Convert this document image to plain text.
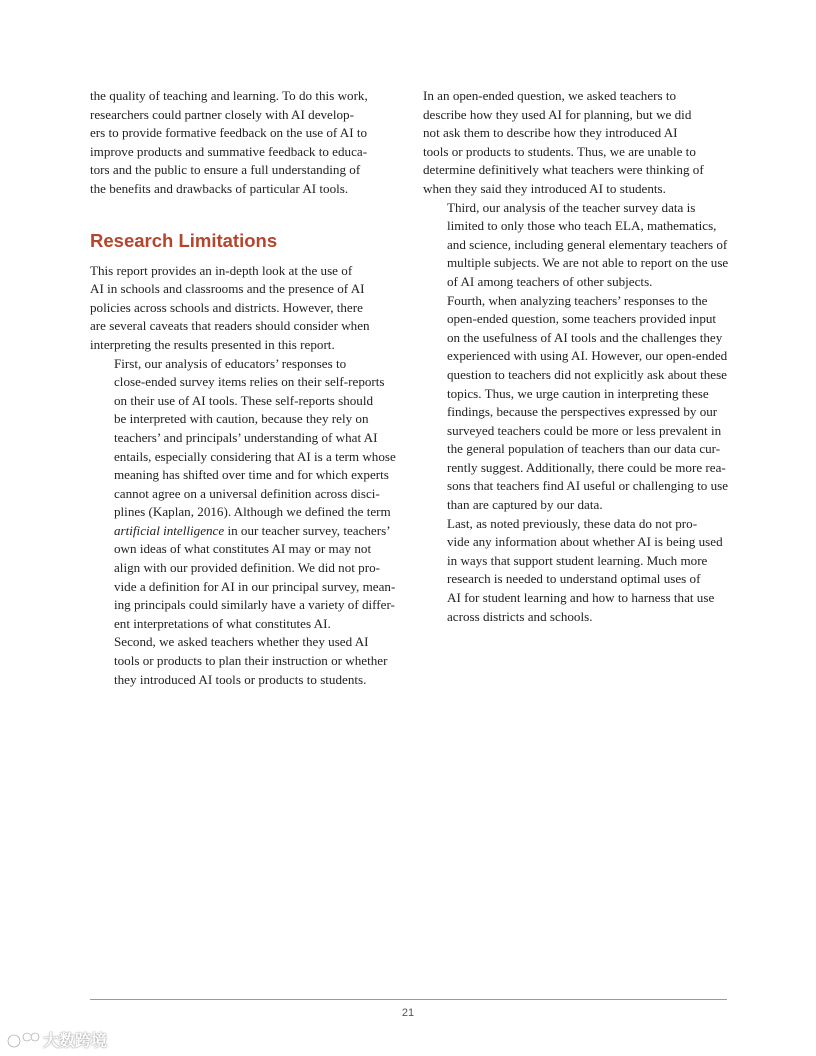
the quality of teaching and learning. To do this work,
researchers could partner closely with AI develop-
ers to provide formative feedback on the use of AI to
improve products and summative feedback to educa-
tors and the public to ensure a full understanding of
the benefits and drawbacks of particular AI tools.

Research Limitations

This report provides an in-depth look at the use of
AI in schools and classrooms and the presence of AI
policies across schools and districts. However, there
are several caveats that readers should consider when
interpreting the results presented in this report.

First, our analysis of educators’ responses to
close-ended survey items relies on their self-reports
on their use of AI tools. These self-reports should
be interpreted with caution, because they rely on
teachers’ and principals’ understanding of what AI
entails, especially considering that AI is a term whose
meaning has shifted over time and for which experts
cannot agree on a universal definition across disci-
plines (Kaplan, 2016). Although we defined the term
artificial intelligence in our teacher survey, teachers’
own ideas of what constitutes AI may or may not
align with our provided definition. We did not pro-
vide a definition for AI in our principal survey, mean-
ing principals could similarly have a variety of differ-
ent interpretations of what constitutes AI.

Second, we asked teachers whether they used AI
tools or products to plan their instruction or whether
they introduced AI tools or products to students.

In an open-ended question, we asked teachers to
describe how they used AI for planning, but we did
not ask them to describe how they introduced AI
tools or products to students. Thus, we are unable to
determine definitively what teachers were thinking of
when they said they introduced AI to students.

Third, our analysis of the teacher survey data is
limited to only those who teach ELA, mathematics,
and science, including general elementary teachers of
multiple subjects. We are not able to report on the use
of AI among teachers of other subjects.

Fourth, when analyzing teachers’ responses to the
open-ended question, some teachers provided input
on the usefulness of AI tools and the challenges they
experienced with using AI. However, our open-ended
question to teachers did not explicitly ask about these
topics. Thus, we urge caution in interpreting these
findings, because the perspectives expressed by our
surveyed teachers could be more or less prevalent in
the general population of teachers than our data cur-
rently suggest. Additionally, there could be more rea-
sons that teachers find AI useful or challenging to use
than are captured by our data.

Last, as noted previously, these data do not pro-
vide any information about whether AI is being used
in ways that support student learning. Much more
research is needed to understand optimal uses of
AI for student learning and how to harness that use
across districts and schools.

21
大数跨境
